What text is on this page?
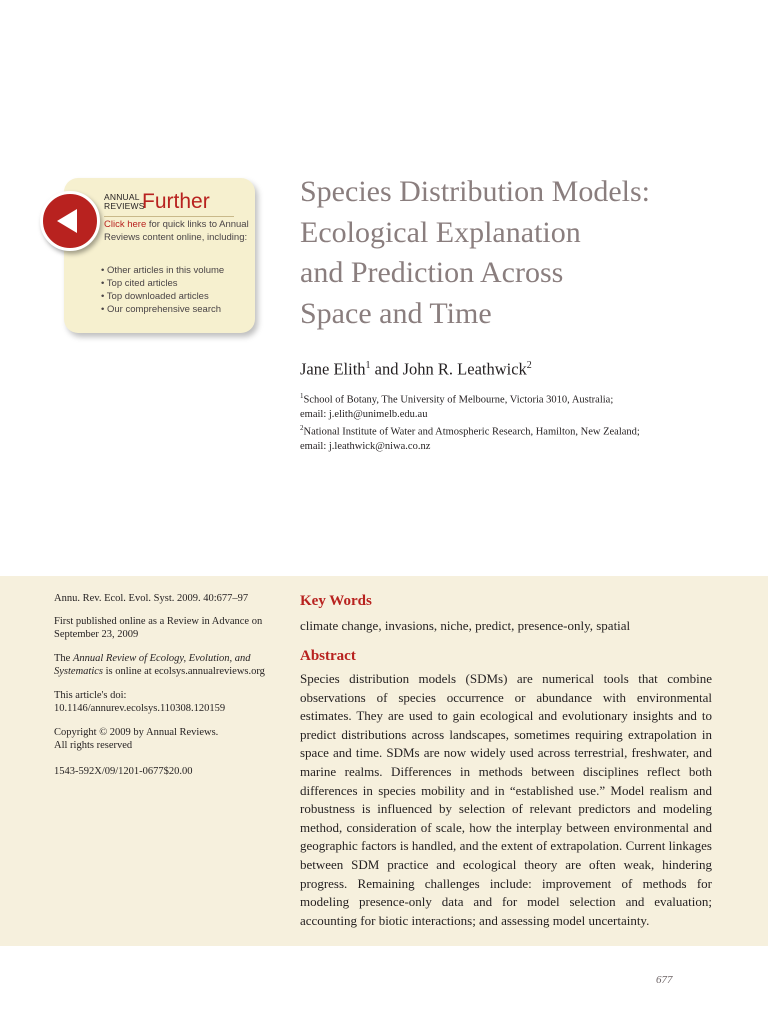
ANNUAL
REVIEWS
Further
Click here for quick links to Annual Reviews content online, including:
• Other articles in this volume
• Top cited articles
• Top downloaded articles
• Our comprehensive search
Species Distribution Models:
Ecological Explanation
and Prediction Across
Space and Time
Jane Elith$^1$ and John R. Leathwick$^2$
$^1$School of Botany, The University of Melbourne, Victoria 3010, Australia;
email: j.elith@unimelb.edu.au
$^2$National Institute of Water and Atmospheric Research, Hamilton, New Zealand;
email: j.leathwick@niwa.co.nz
Annu. Rev. Ecol. Evol. Syst. 2009. 40:677–97
First published online as a Review in Advance on September 23, 2009
The Annual Review of Ecology, Evolution, and Systematics is online at ecolsys.annualreviews.org
This article's doi:
10.1146/annurev.ecolsys.110308.120159
Copyright © 2009 by Annual Reviews.
All rights reserved
1543-592X/09/1201-0677$20.00
Key Words
climate change, invasions, niche, predict, presence-only, spatial
Abstract

Species distribution models (SDMs) are numerical tools that combine observations of species occurrence or abundance with environmental estimates. They are used to gain ecological and evolutionary insights and to predict distributions across landscapes, sometimes requiring extrapolation in space and time. SDMs are now widely used across terrestrial, freshwater, and marine realms. Differences in methods between disciplines reflect both differences in species mobility and in “established use.” Model realism and robustness is influenced by selection of relevant predictors and modeling method, consideration of scale, how the interplay between environmental and geographic factors is handled, and the extent of extrapolation. Current linkages between SDM practice and ecological theory are often weak, hindering progress. Remaining challenges include: improvement of methods for modeling presence-only data and for model selection and evaluation; accounting for biotic interactions; and assessing model uncertainty.

677
